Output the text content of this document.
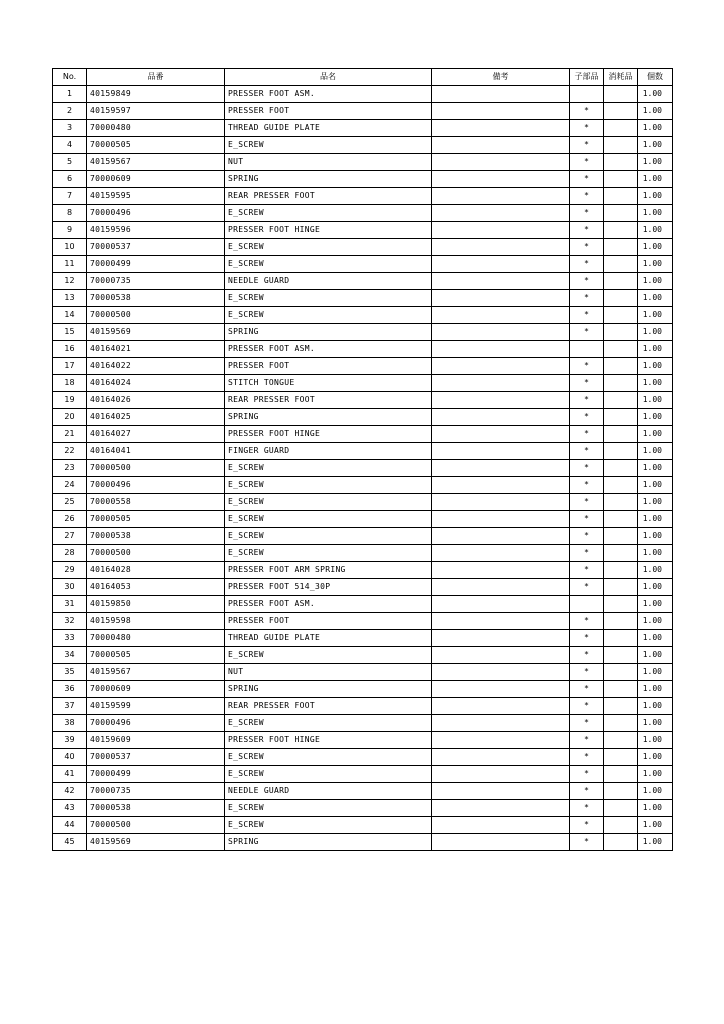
No.	品番	品名	備考	子部品	消耗品	個数
1	40159849	PRESSER FOOT ASM.				1.00
2	40159597	PRESSER FOOT		*		1.00
3	70000480	THREAD GUIDE PLATE		*		1.00
4	70000505	E_SCREW		*		1.00
5	40159567	NUT		*		1.00
6	70000609	SPRING		*		1.00
7	40159595	REAR PRESSER FOOT		*		1.00
8	70000496	E_SCREW		*		1.00
9	40159596	PRESSER FOOT HINGE		*		1.00
10	70000537	E_SCREW		*		1.00
11	70000499	E_SCREW		*		1.00
12	70000735	NEEDLE GUARD		*		1.00
13	70000538	E_SCREW		*		1.00
14	70000500	E_SCREW		*		1.00
15	40159569	SPRING		*		1.00
16	40164021	PRESSER FOOT ASM.				1.00
17	40164022	PRESSER FOOT		*		1.00
18	40164024	STITCH TONGUE		*		1.00
19	40164026	REAR PRESSER FOOT		*		1.00
20	40164025	SPRING		*		1.00
21	40164027	PRESSER FOOT HINGE		*		1.00
22	40164041	FINGER GUARD		*		1.00
23	70000500	E_SCREW		*		1.00
24	70000496	E_SCREW		*		1.00
25	70000558	E_SCREW		*		1.00
26	70000505	E_SCREW		*		1.00
27	70000538	E_SCREW		*		1.00
28	70000500	E_SCREW		*		1.00
29	40164028	PRESSER FOOT ARM SPRING		*		1.00
30	40164053	PRESSER FOOT 514_30P		*		1.00
31	40159850	PRESSER FOOT ASM.				1.00
32	40159598	PRESSER FOOT		*		1.00
33	70000480	THREAD GUIDE PLATE		*		1.00
34	70000505	E_SCREW		*		1.00
35	40159567	NUT		*		1.00
36	70000609	SPRING		*		1.00
37	40159599	REAR PRESSER FOOT		*		1.00
38	70000496	E_SCREW		*		1.00
39	40159609	PRESSER FOOT HINGE		*		1.00
40	70000537	E_SCREW		*		1.00
41	70000499	E_SCREW		*		1.00
42	70000735	NEEDLE GUARD		*		1.00
43	70000538	E_SCREW		*		1.00
44	70000500	E_SCREW		*		1.00
45	40159569	SPRING		*		1.00
